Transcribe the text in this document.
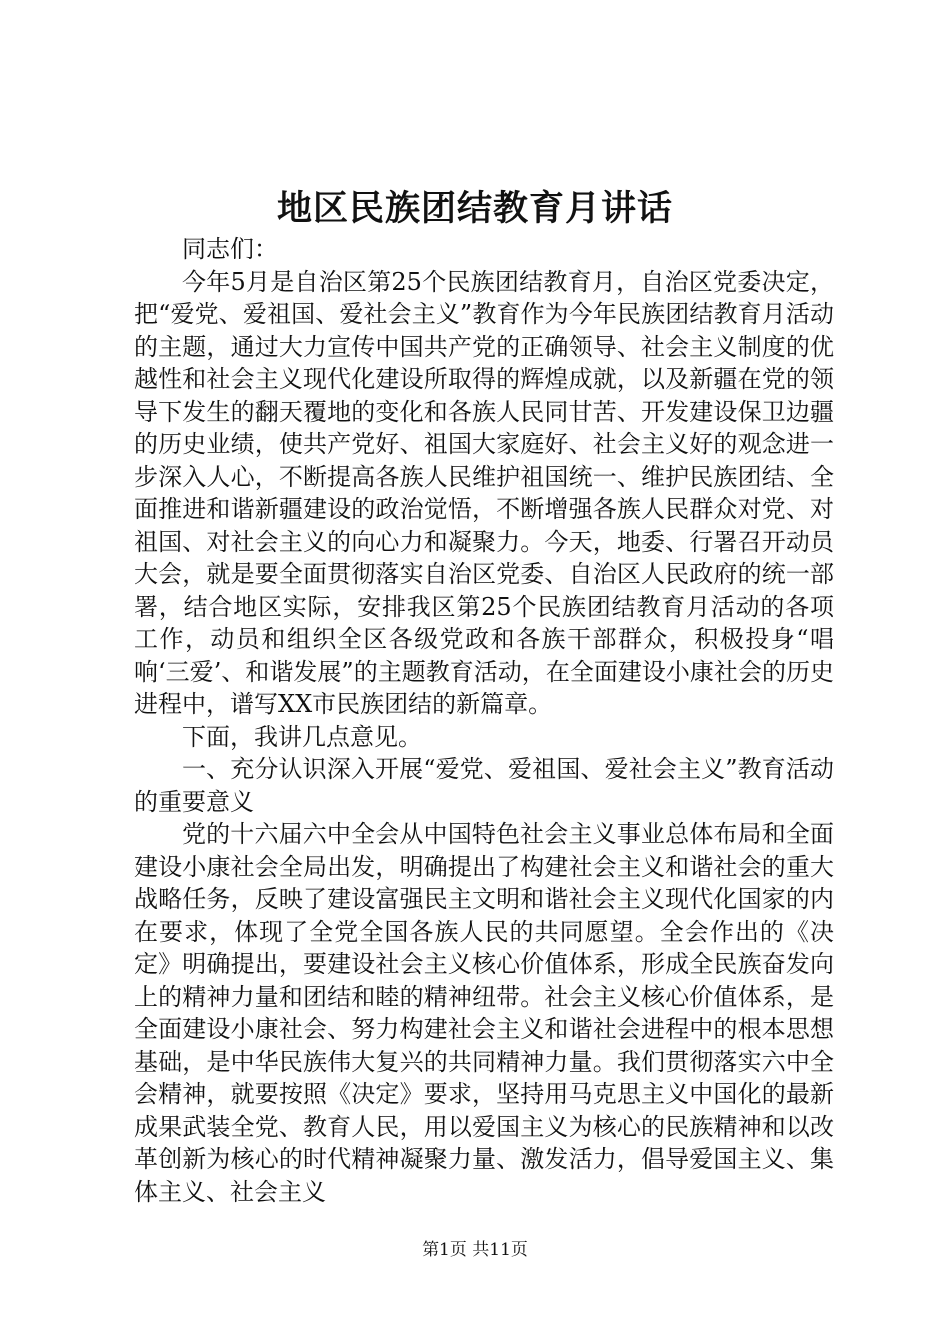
地区民族团结教育月讲话

同志们：

今年5月是自治区第25个民族团结教育月，自治区党委决定，把“爱党、爱祖国、爱社会主义”教育作为今年民族团结教育月活动的主题，通过大力宣传中国共产党的正确领导、社会主义制度的优越性和社会主义现代化建设所取得的辉煌成就，以及新疆在党的领导下发生的翻天覆地的变化和各族人民同甘苦、开发建设保卫边疆的历史业绩，使共产党好、祖国大家庭好、社会主义好的观念进一步深入人心，不断提高各族人民维护祖国统一、维护民族团结、全面推进和谐新疆建设的政治觉悟，不断增强各族人民群众对党、对祖国、对社会主义的向心力和凝聚力。今天，地委、行署召开动员大会，就是要全面贯彻落实自治区党委、自治区人民政府的统一部署，结合地区实际，安排我区第25个民族团结教育月活动的各项工作，动员和组织全区各级党政和各族干部群众，积极投身“唱响‘三爱’、和谐发展”的主题教育活动，在全面建设小康社会的历史进程中，谱写XX市民族团结的新篇章。

下面，我讲几点意见。

一、充分认识深入开展“爱党、爱祖国、爱社会主义”教育活动的重要意义

党的十六届六中全会从中国特色社会主义事业总体布局和全面建设小康社会全局出发，明确提出了构建社会主义和谐社会的重大战略任务，反映了建设富强民主文明和谐社会主义现代化国家的内在要求，体现了全党全国各族人民的共同愿望。全会作出的《决定》明确提出，要建设社会主义核心价值体系，形成全民族奋发向上的精神力量和团结和睦的精神纽带。社会主义核心价值体系，是全面建设小康社会、努力构建社会主义和谐社会进程中的根本思想基础，是中华民族伟大复兴的共同精神力量。我们贯彻落实六中全会精神，就要按照《决定》要求，坚持用马克思主义中国化的最新成果武装全党、教育人民，用以爱国主义为核心的民族精神和以改革创新为核心的时代精神凝聚力量、激发活力，倡导爱国主义、集体主义、社会主义

第1页 共11页
